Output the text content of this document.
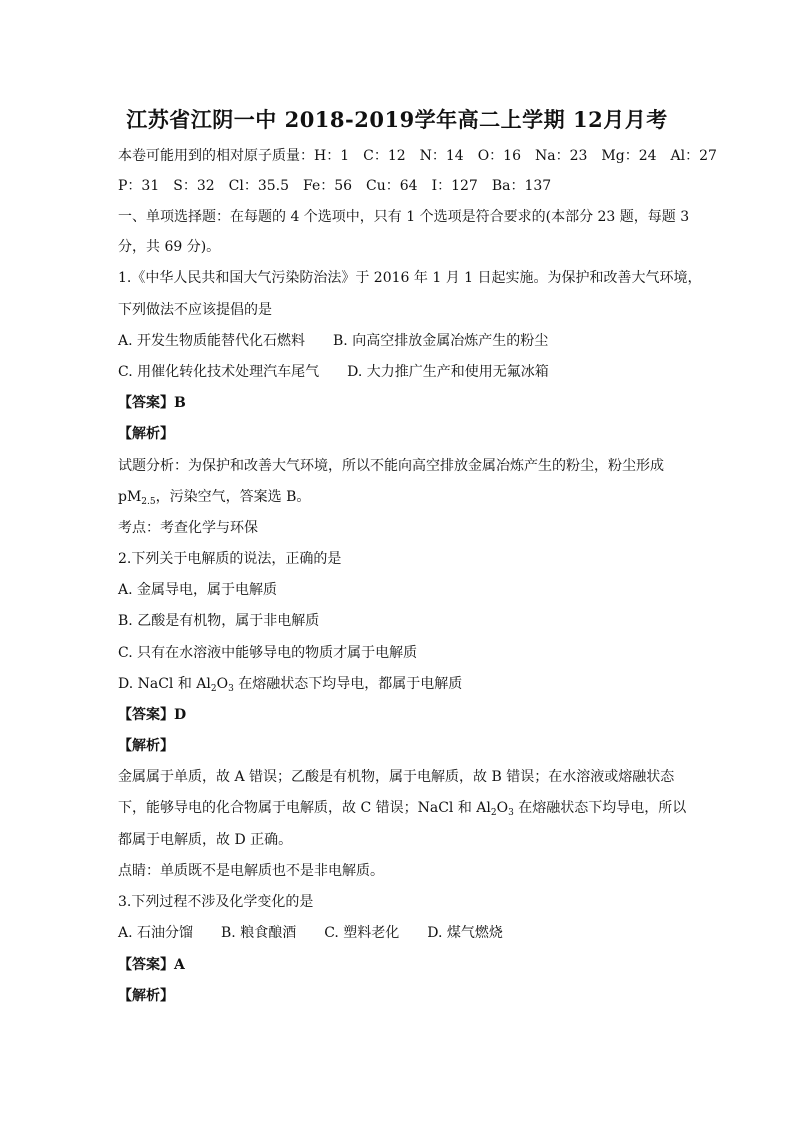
江苏省江阴一中 2018-2019学年高二上学期 12月月考
本卷可能用到的相对原子质量：H：1　C：12　N：14　O：16　Na：23　Mg：24　Al：27
P：31　S：32　Cl：35.5　Fe：56　Cu：64　I：127　Ba：137
一、单项选择题：在每题的 4 个选项中，只有 1 个选项是符合要求的(本部分 23 题，每题 3
分，共 69 分)。
1.《中华人民共和国大气污染防治法》于 2016 年 1 月 1 日起实施。为保护和改善大气环境，
下列做法不应该提倡的是
A. 开发生物质能替代化石燃料　　B. 向高空排放金属冶炼产生的粉尘
C. 用催化转化技术处理汽车尾气　　D. 大力推广生产和使用无氟冰箱
【答案】B
【解析】
试题分析：为保护和改善大气环境，所以不能向高空排放金属冶炼产生的粉尘，粉尘形成
$pM_{2.5}$，污染空气，答案选 B。
考点：考查化学与环保
2.下列关于电解质的说法，正确的是
A. 金属导电，属于电解质
B. 乙酸是有机物，属于非电解质
C. 只有在水溶液中能够导电的物质才属于电解质
D. NaCl 和 $Al_2O_3$ 在熔融状态下均导电，都属于电解质
【答案】D
【解析】
金属属于单质，故 A 错误；乙酸是有机物，属于电解质，故 B 错误；在水溶液或熔融状态
下，能够导电的化合物属于电解质，故 C 错误；NaCl 和 $Al_2O_3$ 在熔融状态下均导电，所以
都属于电解质，故 D 正确。
点睛：单质既不是电解质也不是非电解质。
3.下列过程不涉及化学变化的是
A. 石油分馏　　B. 粮食酿酒　　C. 塑料老化　　D. 煤气燃烧
【答案】A
【解析】
